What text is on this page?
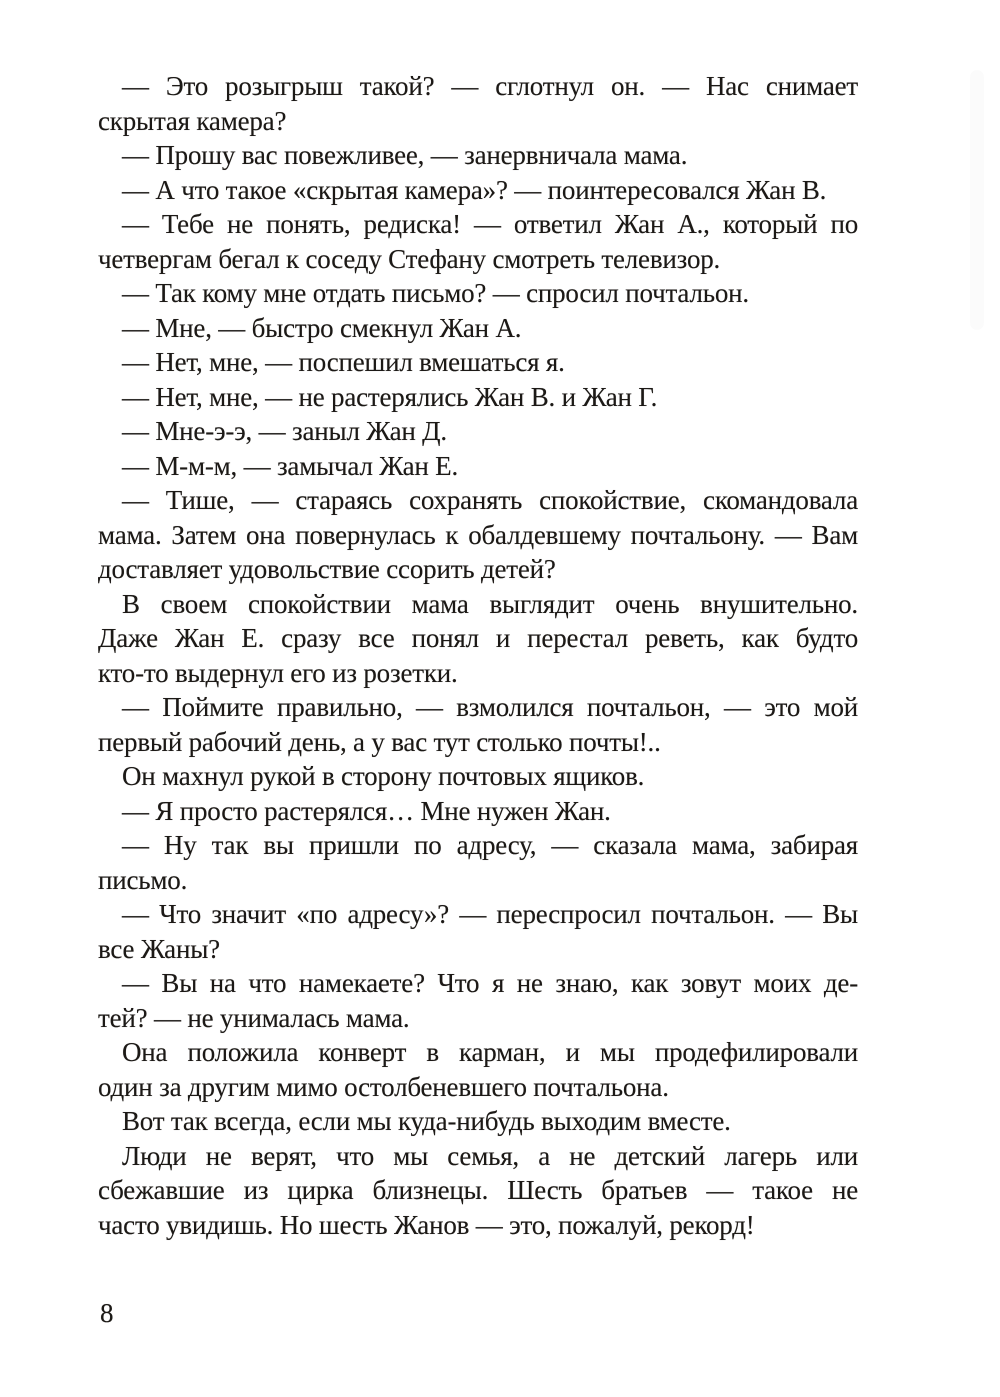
— Это розыгрыш такой? — сглотнул он. — Нас снимает
скрытая камера?
— Прошу вас повежливее, — занервничала мама.
— А что такое «скрытая камера»? — поинтересовался Жан В.
— Тебе не понять, редиска! — ответил Жан А., который по
четвергам бегал к соседу Стефану смотреть телевизор.
— Так кому мне отдать письмо? — спросил почтальон.
— Мне, — быстро смекнул Жан А.
— Нет, мне, — поспешил вмешаться я.
— Нет, мне, — не растерялись Жан В. и Жан Г.
— Мне-э-э, — заныл Жан Д.
— М-м-м, — замычал Жан Е.
— Тише, — стараясь сохранять спокойствие, скомандовала
мама. Затем она повернулась к обалдевшему почтальону. — Вам
доставляет удовольствие ссорить детей?
В своем спокойствии мама выглядит очень внушительно.
Даже Жан Е. сразу все понял и перестал реветь, как будто
кто-то выдернул его из розетки.
— Поймите правильно, — взмолился почтальон, — это мой
первый рабочий день, а у вас тут столько почты!..
Он махнул рукой в сторону почтовых ящиков.
— Я просто растерялся… Мне нужен Жан.
— Ну так вы пришли по адресу, — сказала мама, забирая
письмо.
— Что значит «по адресу»? — переспросил почтальон. — Вы
все Жаны?
— Вы на что намекаете? Что я не знаю, как зовут моих де-
тей? — не унималась мама.
Она положила конверт в карман, и мы продефилировали
один за другим мимо остолбеневшего почтальона.
Вот так всегда, если мы куда-нибудь выходим вместе.
Люди не верят, что мы семья, а не детский лагерь или
сбежавшие из цирка близнецы. Шесть братьев — такое не
часто увидишь. Но шесть Жанов — это, пожалуй, рекорд!
8
